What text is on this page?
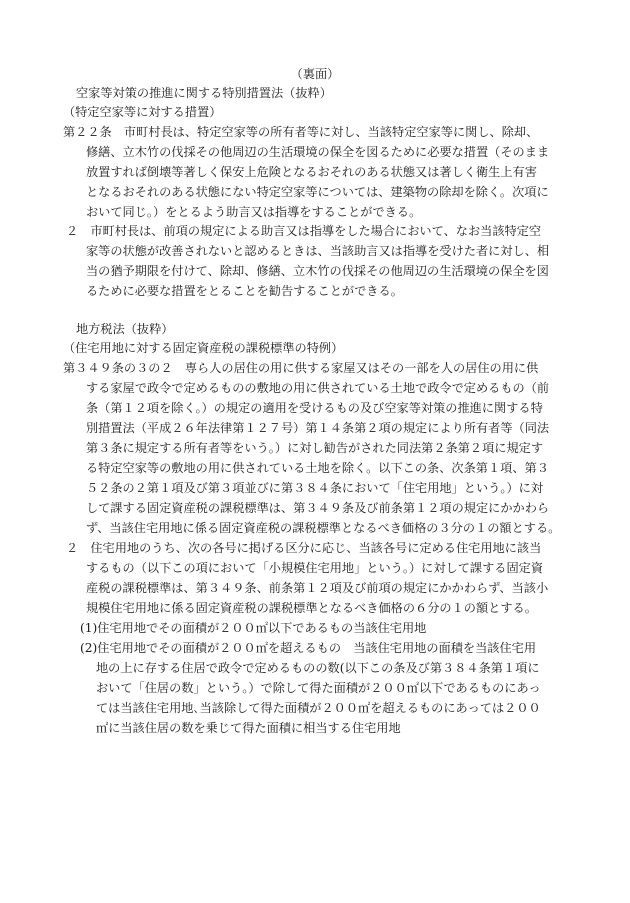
（裏面）
空家等対策の推進に関する特別措置法（抜粋）
（特定空家等に対する措置）
第２２条　市町村長は、特定空家等の所有者等に対し、当該特定空家等に関し、除却、
修繕、立木竹の伐採その他周辺の生活環境の保全を図るために必要な措置（そのまま
放置すれば倒壊等著しく保安上危険となるおそれのある状態又は著しく衛生上有害
となるおそれのある状態にない特定空家等については、建築物の除却を除く。次項に
おいて同じ。）をとるよう助言又は指導をすることができる。
２　市町村長は、前項の規定による助言又は指導をした場合において、なお当該特定空
家等の状態が改善されないと認めるときは、当該助言又は指導を受けた者に対し、相
当の猶予期限を付けて、除却、修繕、立木竹の伐採その他周辺の生活環境の保全を図
るために必要な措置をとることを勧告することができる。
地方税法（抜粋）
（住宅用地に対する固定資産税の課税標準の特例）
第３４９条の３の２　専ら人の居住の用に供する家屋又はその一部を人の居住の用に供
する家屋で政令で定めるものの敷地の用に供されている土地で政令で定めるもの（前
条（第１２項を除く。）の規定の適用を受けるもの及び空家等対策の推進に関する特
別措置法（平成２６年法律第１２７号）第１４条第２項の規定により所有者等（同法
第３条に規定する所有者等をいう。）に対し勧告がされた同法第２条第２項に規定す
る特定空家等の敷地の用に供されている土地を除く。以下この条、次条第１項、第３
５２条の２第１項及び第３項並びに第３８４条において「住宅用地」という。）に対
して課する固定資産税の課税標準は、第３４９条及び前条第１２項の規定にかかわら
ず、当該住宅用地に係る固定資産税の課税標準となるべき価格の３分の１の額とする。
２　住宅用地のうち、次の各号に掲げる区分に応じ、当該各号に定める住宅用地に該当
するもの（以下この項において「小規模住宅用地」という。）に対して課する固定資
産税の課税標準は、第３４９条、前条第１２項及び前項の規定にかかわらず、当該小
規模住宅用地に係る固定資産税の課税標準となるべき価格の６分の１の額とする。
(1)住宅用地でその面積が２００㎡以下であるもの当該住宅用地
(2)住宅用地でその面積が２００㎡を超えるもの　当該住宅用地の面積を当該住宅用
地の上に存する住居で政令で定めるものの数(以下この条及び第３８４条第１項に
おいて「住居の数」という。）で除して得た面積が２００㎡以下であるものにあっ
ては当該住宅用地､当該除して得た面積が２００㎡を超えるものにあっては２００
㎡に当該住居の数を乗じて得た面積に相当する住宅用地
